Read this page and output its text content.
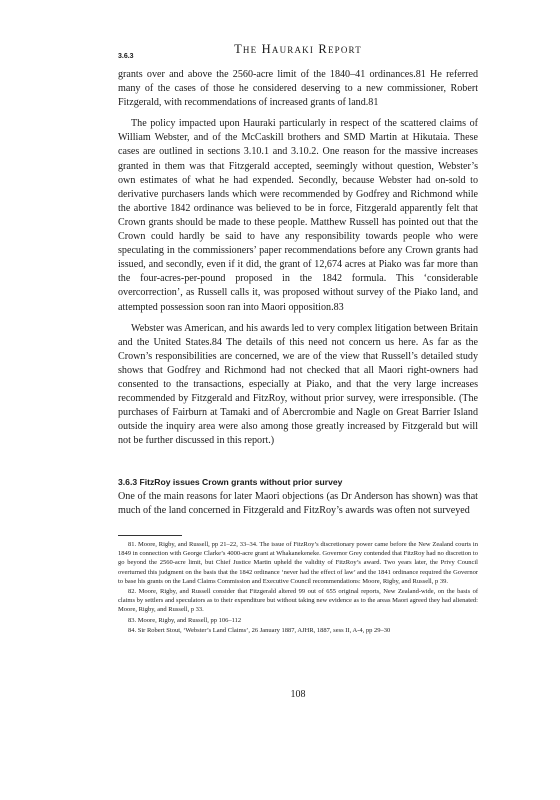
The Hauraki Report
3.6.3

grants over and above the 2560-acre limit of the 1840–41 ordinances.81 He referred many of the cases of those he considered deserving to a new commissioner, Robert Fitzgerald, with recommendations of increased grants of land.81

The policy impacted upon Hauraki particularly in respect of the scattered claims of William Webster, and of the McCaskill brothers and SMD Martin at Hikutaia. These cases are outlined in sections 3.10.1 and 3.10.2. One reason for the massive increases granted in them was that Fitzgerald accepted, seemingly without question, Webster’s own estimates of what he had expended. Secondly, because Webster had on-sold to derivative purchasers lands which were recommended by Godfrey and Richmond while the abortive 1842 ordinance was believed to be in force, Fitzgerald apparently felt that Crown grants should be made to these people. Matthew Russell has pointed out that the Crown could hardly be said to have any responsibility towards people who were speculating in the commissioners’ paper recommendations before any Crown grants had issued, and secondly, even if it did, the grant of 12,674 acres at Piako was far more than the four-acres-per-pound proposed in the 1842 formula. This ‘considerable overcorrection’, as Russell calls it, was proposed without survey of the Piako land, and attempted possession soon ran into Maori opposition.83

Webster was American, and his awards led to very complex litigation between Britain and the United States.84 The details of this need not concern us here. As far as the Crown’s responsibilities are concerned, we are of the view that Russell’s detailed study shows that Godfrey and Richmond had not checked that all Maori right-owners had consented to the transactions, especially at Piako, and that the very large increases recommended by Fitzgerald and FitzRoy, without prior survey, were irresponsible. (The purchases of Fairburn at Tamaki and of Abercrombie and Nagle on Great Barrier Island outside the inquiry area were also among those greatly increased by Fitzgerald but will not be further discussed in this report.)

3.6.3 FitzRoy issues Crown grants without prior survey

One of the main reasons for later Maori objections (as Dr Anderson has shown) was that much of the land concerned in Fitzgerald and FitzRoy’s awards was often not surveyed

81. Moore, Rigby, and Russell, pp 21–22, 33–34. The issue of FitzRoy’s discretionary power came before the New Zealand courts in 1849 in connection with George Clarke’s 4000-acre grant at Whakanekeneke. Governor Grey contended that FitzRoy had no discretion to go beyond the 2560-acre limit, but Chief Justice Martin upheld the validity of FitzRoy’s award. Two years later, the Privy Council overturned this judgment on the basis that the 1842 ordinance ‘never had the effect of law’ and the 1841 ordinance required the Governor to base his grants on the Land Claims Commission and Executive Council recommendations: Moore, Rigby, and Russell, p 39.
82. Moore, Rigby, and Russell consider that Fitzgerald altered 99 out of 655 original reports, New Zealand-wide, on the basis of claims by settlers and speculators as to their expenditure but without taking new evidence as to the areas Maori agreed they had alienated: Moore, Rigby, and Russell, p 33.
83. Moore, Rigby, and Russell, pp 106–112
84. Sir Robert Stout, ‘Webster’s Land Claims’, 26 January 1887, AJHR, 1887, sess II, A-4, pp 29–30
108
